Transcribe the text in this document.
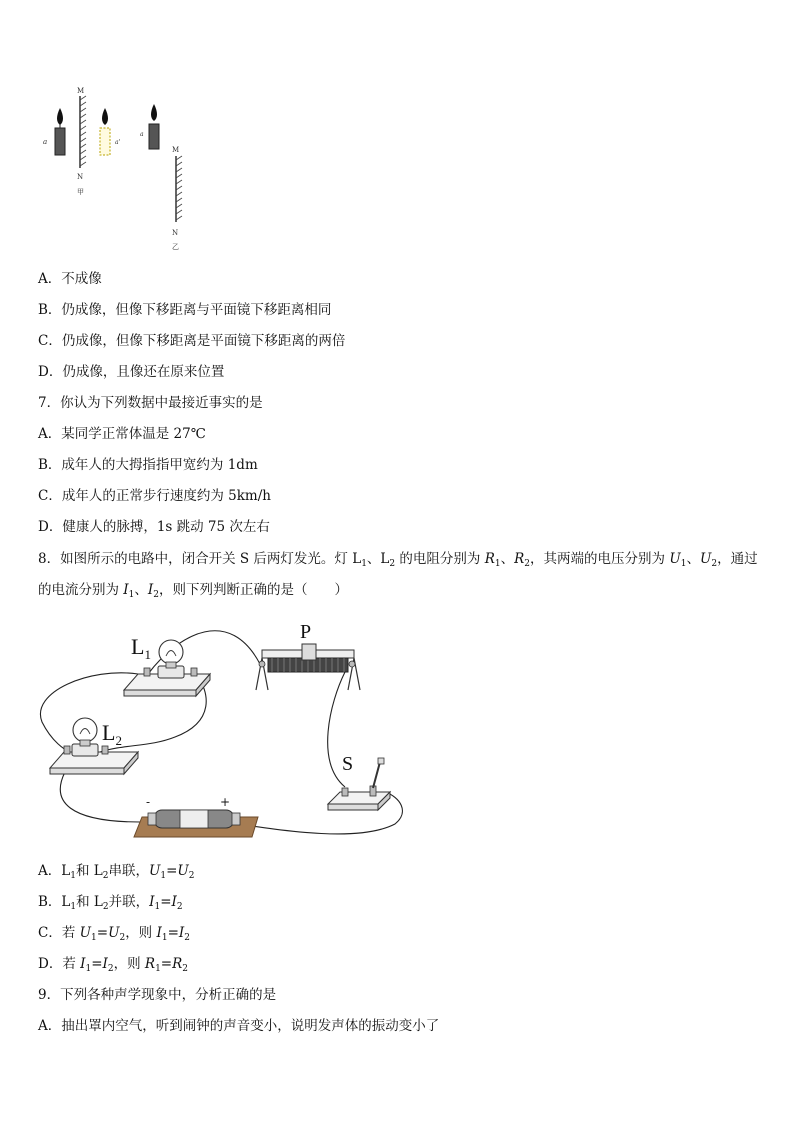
a
M
N
甲
a'
a
M
N
乙
A．不成像
B．仍成像，但像下移距离与平面镜下移距离相同
C．仍成像，但像下移距离是平面镜下移距离的两倍
D．仍成像，且像还在原来位置
7．你认为下列数据中最接近事实的是
A．某同学正常体温是 27℃
B．成年人的大拇指指甲宽约为 1dm
C．成年人的正常步行速度约为 5km/h
D．健康人的脉搏，1s 跳动 75 次左右
8．如图所示的电路中，闭合开关 S 后两灯发光。灯 $L_1$、$L_2$ 的电阻分别为 $R_1$、$R_2$，其两端的电压分别为 $U_1$、$U_2$，通过
的电流分别为 $I_1$、$I_2$，则下列判断正确的是（　　）
$L_1$
$L_2$
P
S
-	+
A．$L_1$和 $L_2$串联，$U_1=U_2$
B．$L_1$和 $L_2$并联，$I_1=I_2$
C．若 $U_1=U_2$，则 $I_1=I_2$
D．若 $I_1=I_2$，则 $R_1=R_2$
9．下列各种声学现象中，分析正确的是
A．抽出罩内空气，听到闹钟的声音变小，说明发声体的振动变小了
